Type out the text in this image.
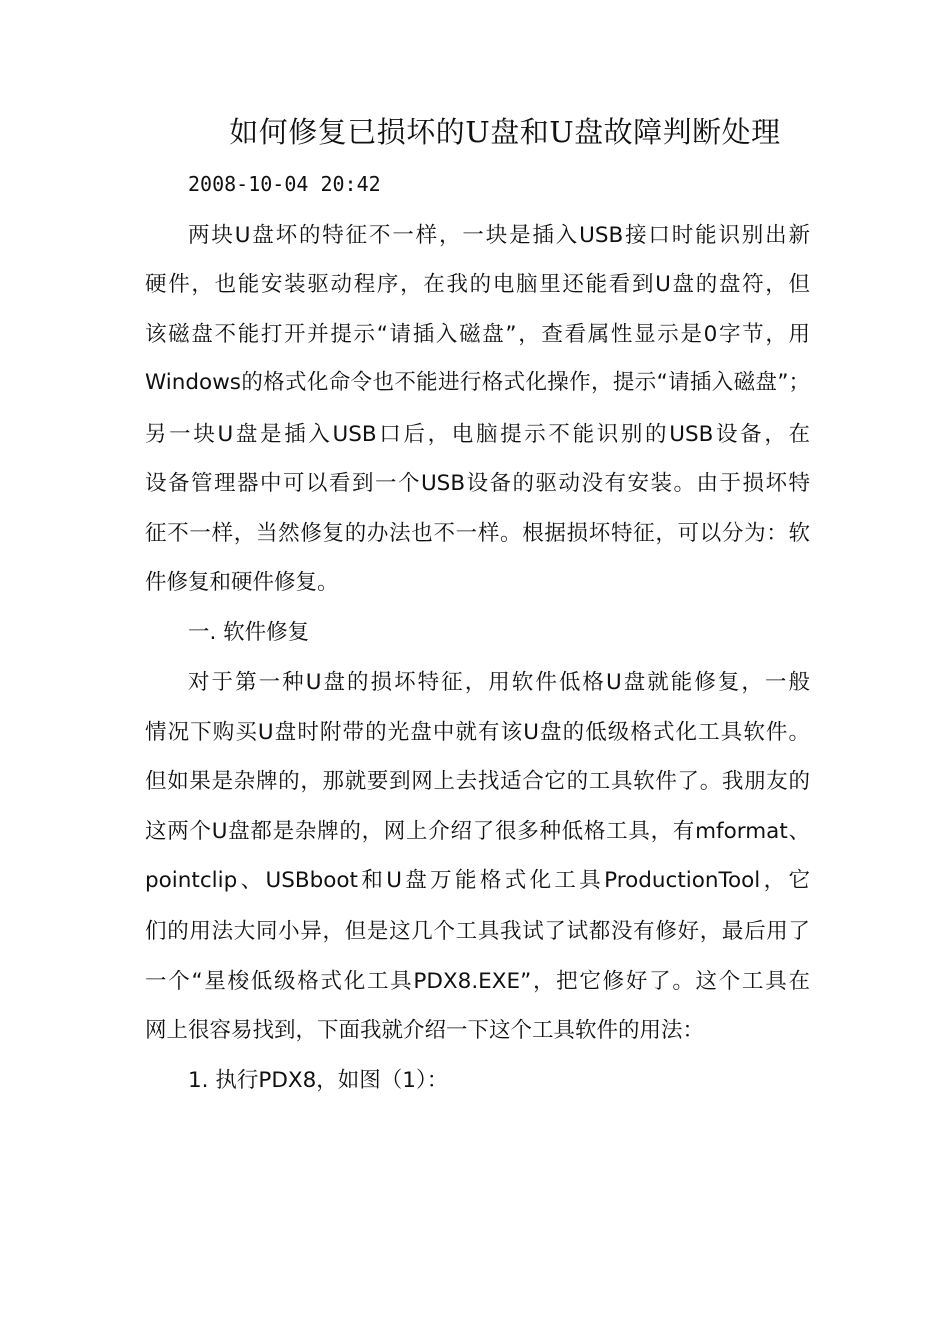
如何修复已损坏的U盘和U盘故障判断处理
2008-10-04 20:42
两块U盘坏的特征不一样，一块是插入USB接口时能识别出新
硬件，也能安装驱动程序，在我的电脑里还能看到U盘的盘符，但
该磁盘不能打开并提示“请插入磁盘”，查看属性显示是0字节，用
Windows的格式化命令也不能进行格式化操作，提示“请插入磁盘”；
另一块U盘是插入USB口后，电脑提示不能识别的USB设备，在
设备管理器中可以看到一个USB设备的驱动没有安装。由于损坏特
征不一样，当然修复的办法也不一样。根据损坏特征，可以分为：软
件修复和硬件修复。
一. 软件修复
对于第一种U盘的损坏特征，用软件低格U盘就能修复，一般
情况下购买U盘时附带的光盘中就有该U盘的低级格式化工具软件。
但如果是杂牌的，那就要到网上去找适合它的工具软件了。我朋友的
这两个U盘都是杂牌的，网上介绍了很多种低格工具，有mformat、
pointclip、USBboot和U盘万能格式化工具ProductionTool，它
们的用法大同小异，但是这几个工具我试了试都没有修好，最后用了
一个“星梭低级格式化工具PDX8.EXE”，把它修好了。这个工具在
网上很容易找到，下面我就介绍一下这个工具软件的用法：
1. 执行PDX8，如图（1）：
